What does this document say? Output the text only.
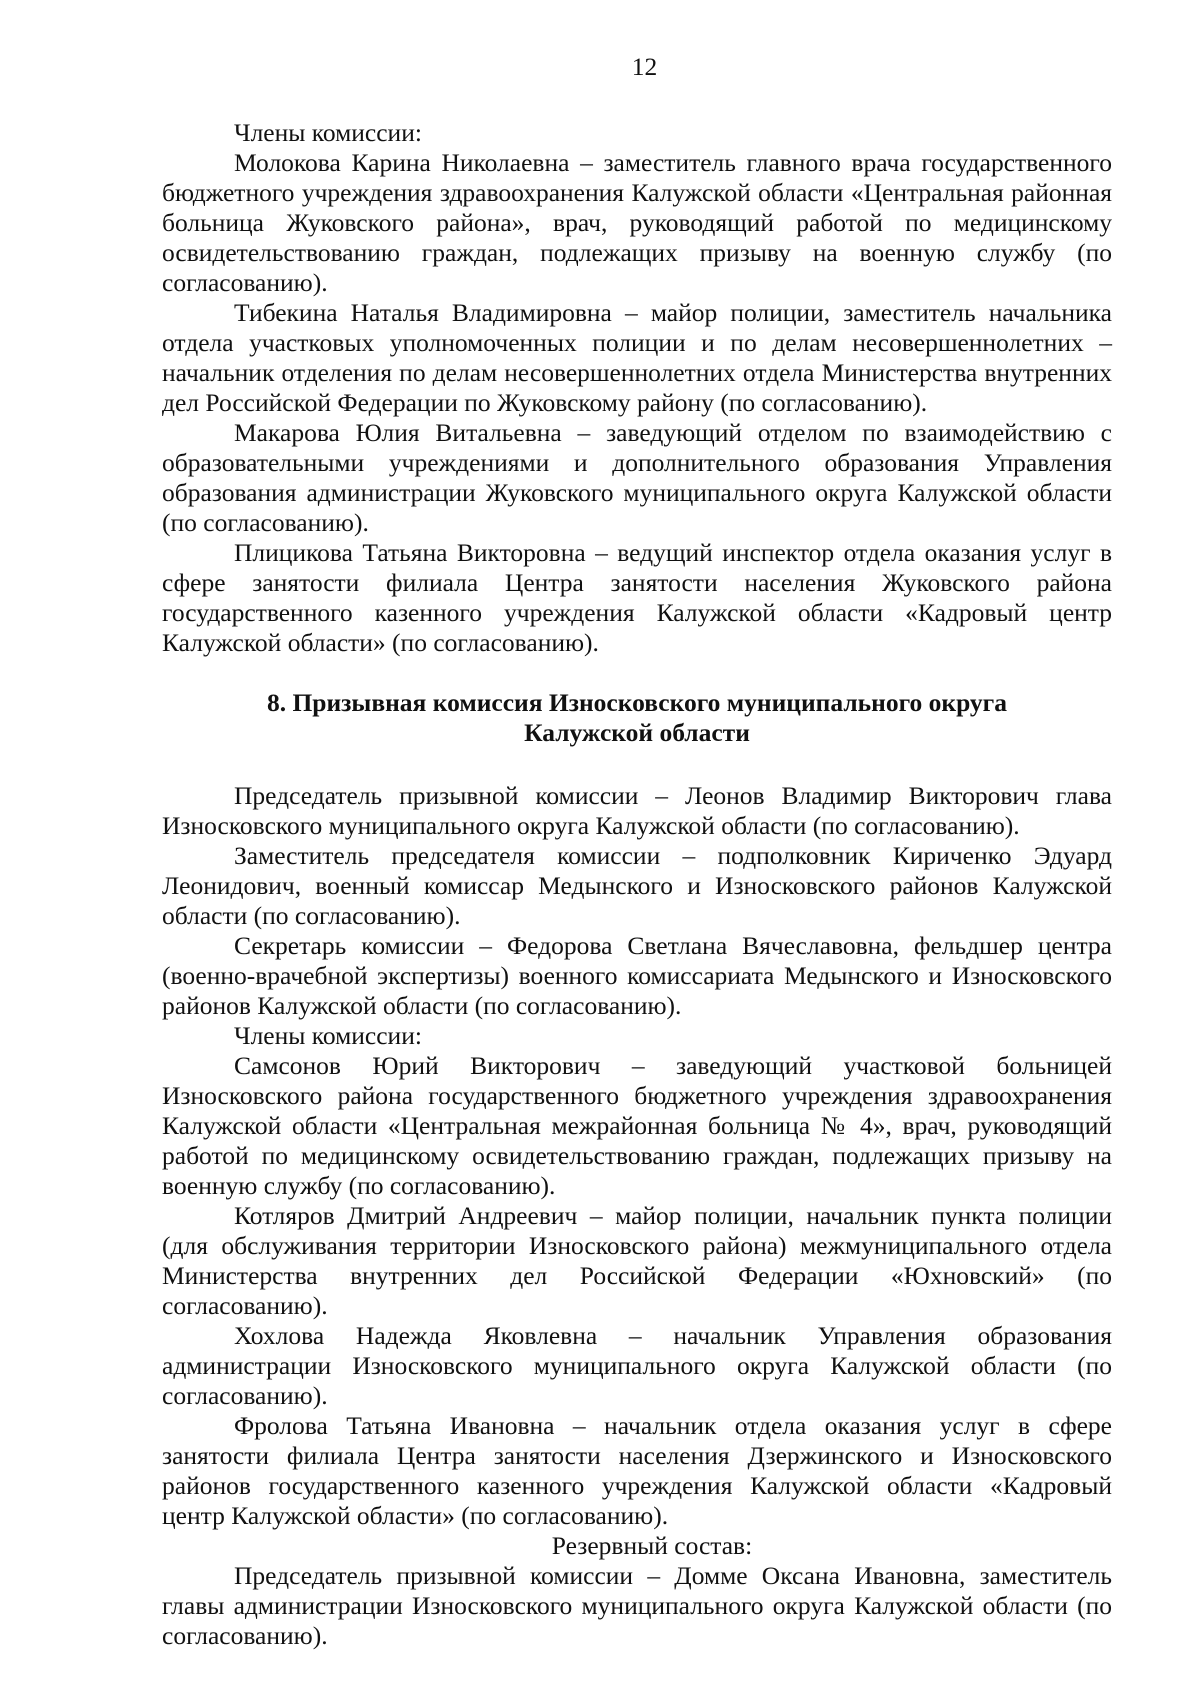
12

Члены комиссии:

Молокова Карина Николаевна – заместитель главного врача государственного бюджетного учреждения здравоохранения Калужской области «Центральная районная больница Жуковского района», врач, руководящий работой по медицинскому освидетельствованию граждан, подлежащих призыву на военную службу (по согласованию).

Тибекина Наталья Владимировна – майор полиции, заместитель начальника отдела участковых уполномоченных полиции и по делам несовершеннолетних – начальник отделения по делам несовершеннолетних отдела Министерства внутренних дел Российской Федерации по Жуковскому району (по согласованию).

Макарова Юлия Витальевна – заведующий отделом по взаимодействию с образовательными учреждениями и дополнительного образования Управления образования администрации Жуковского муниципального округа Калужской области (по согласованию).

Плицикова Татьяна Викторовна – ведущий инспектор отдела оказания услуг в сфере занятости филиала Центра занятости населения Жуковского района государственного казенного учреждения Калужской области «Кадровый центр Калужской области» (по согласованию).

8. Призывная комиссия Износковского муниципального округа
Калужской области

Председатель призывной комиссии – Леонов Владимир Викторович глава Износковского муниципального округа Калужской области (по согласованию).

Заместитель председателя комиссии – подполковник Кириченко Эдуард Леонидович, военный комиссар Медынского и Износковского районов Калужской области (по согласованию).

Секретарь комиссии – Федорова Светлана Вячеславовна, фельдшер центра (военно-врачебной экспертизы) военного комиссариата Медынского и Износковского районов Калужской области (по согласованию).

Члены комиссии:

Самсонов Юрий Викторович – заведующий участковой больницей Износковского района государственного бюджетного учреждения здравоохранения Калужской области «Центральная межрайонная больница № 4», врач, руководящий работой по медицинскому освидетельствованию граждан, подлежащих призыву на военную службу (по согласованию).

Котляров Дмитрий Андреевич – майор полиции, начальник пункта полиции (для обслуживания территории Износковского района) межмуниципального отдела Министерства внутренних дел Российской Федерации «Юхновский» (по согласованию).

Хохлова Надежда Яковлевна – начальник Управления образования администрации Износковского муниципального округа Калужской области (по согласованию).

Фролова Татьяна Ивановна – начальник отдела оказания услуг в сфере занятости филиала Центра занятости населения Дзержинского и Износковского районов государственного казенного учреждения Калужской области «Кадровый центр Калужской области» (по согласованию).

Резервный состав:

Председатель призывной комиссии – Домме Оксана Ивановна, заместитель главы администрации Износковского муниципального округа Калужской области (по согласованию).
